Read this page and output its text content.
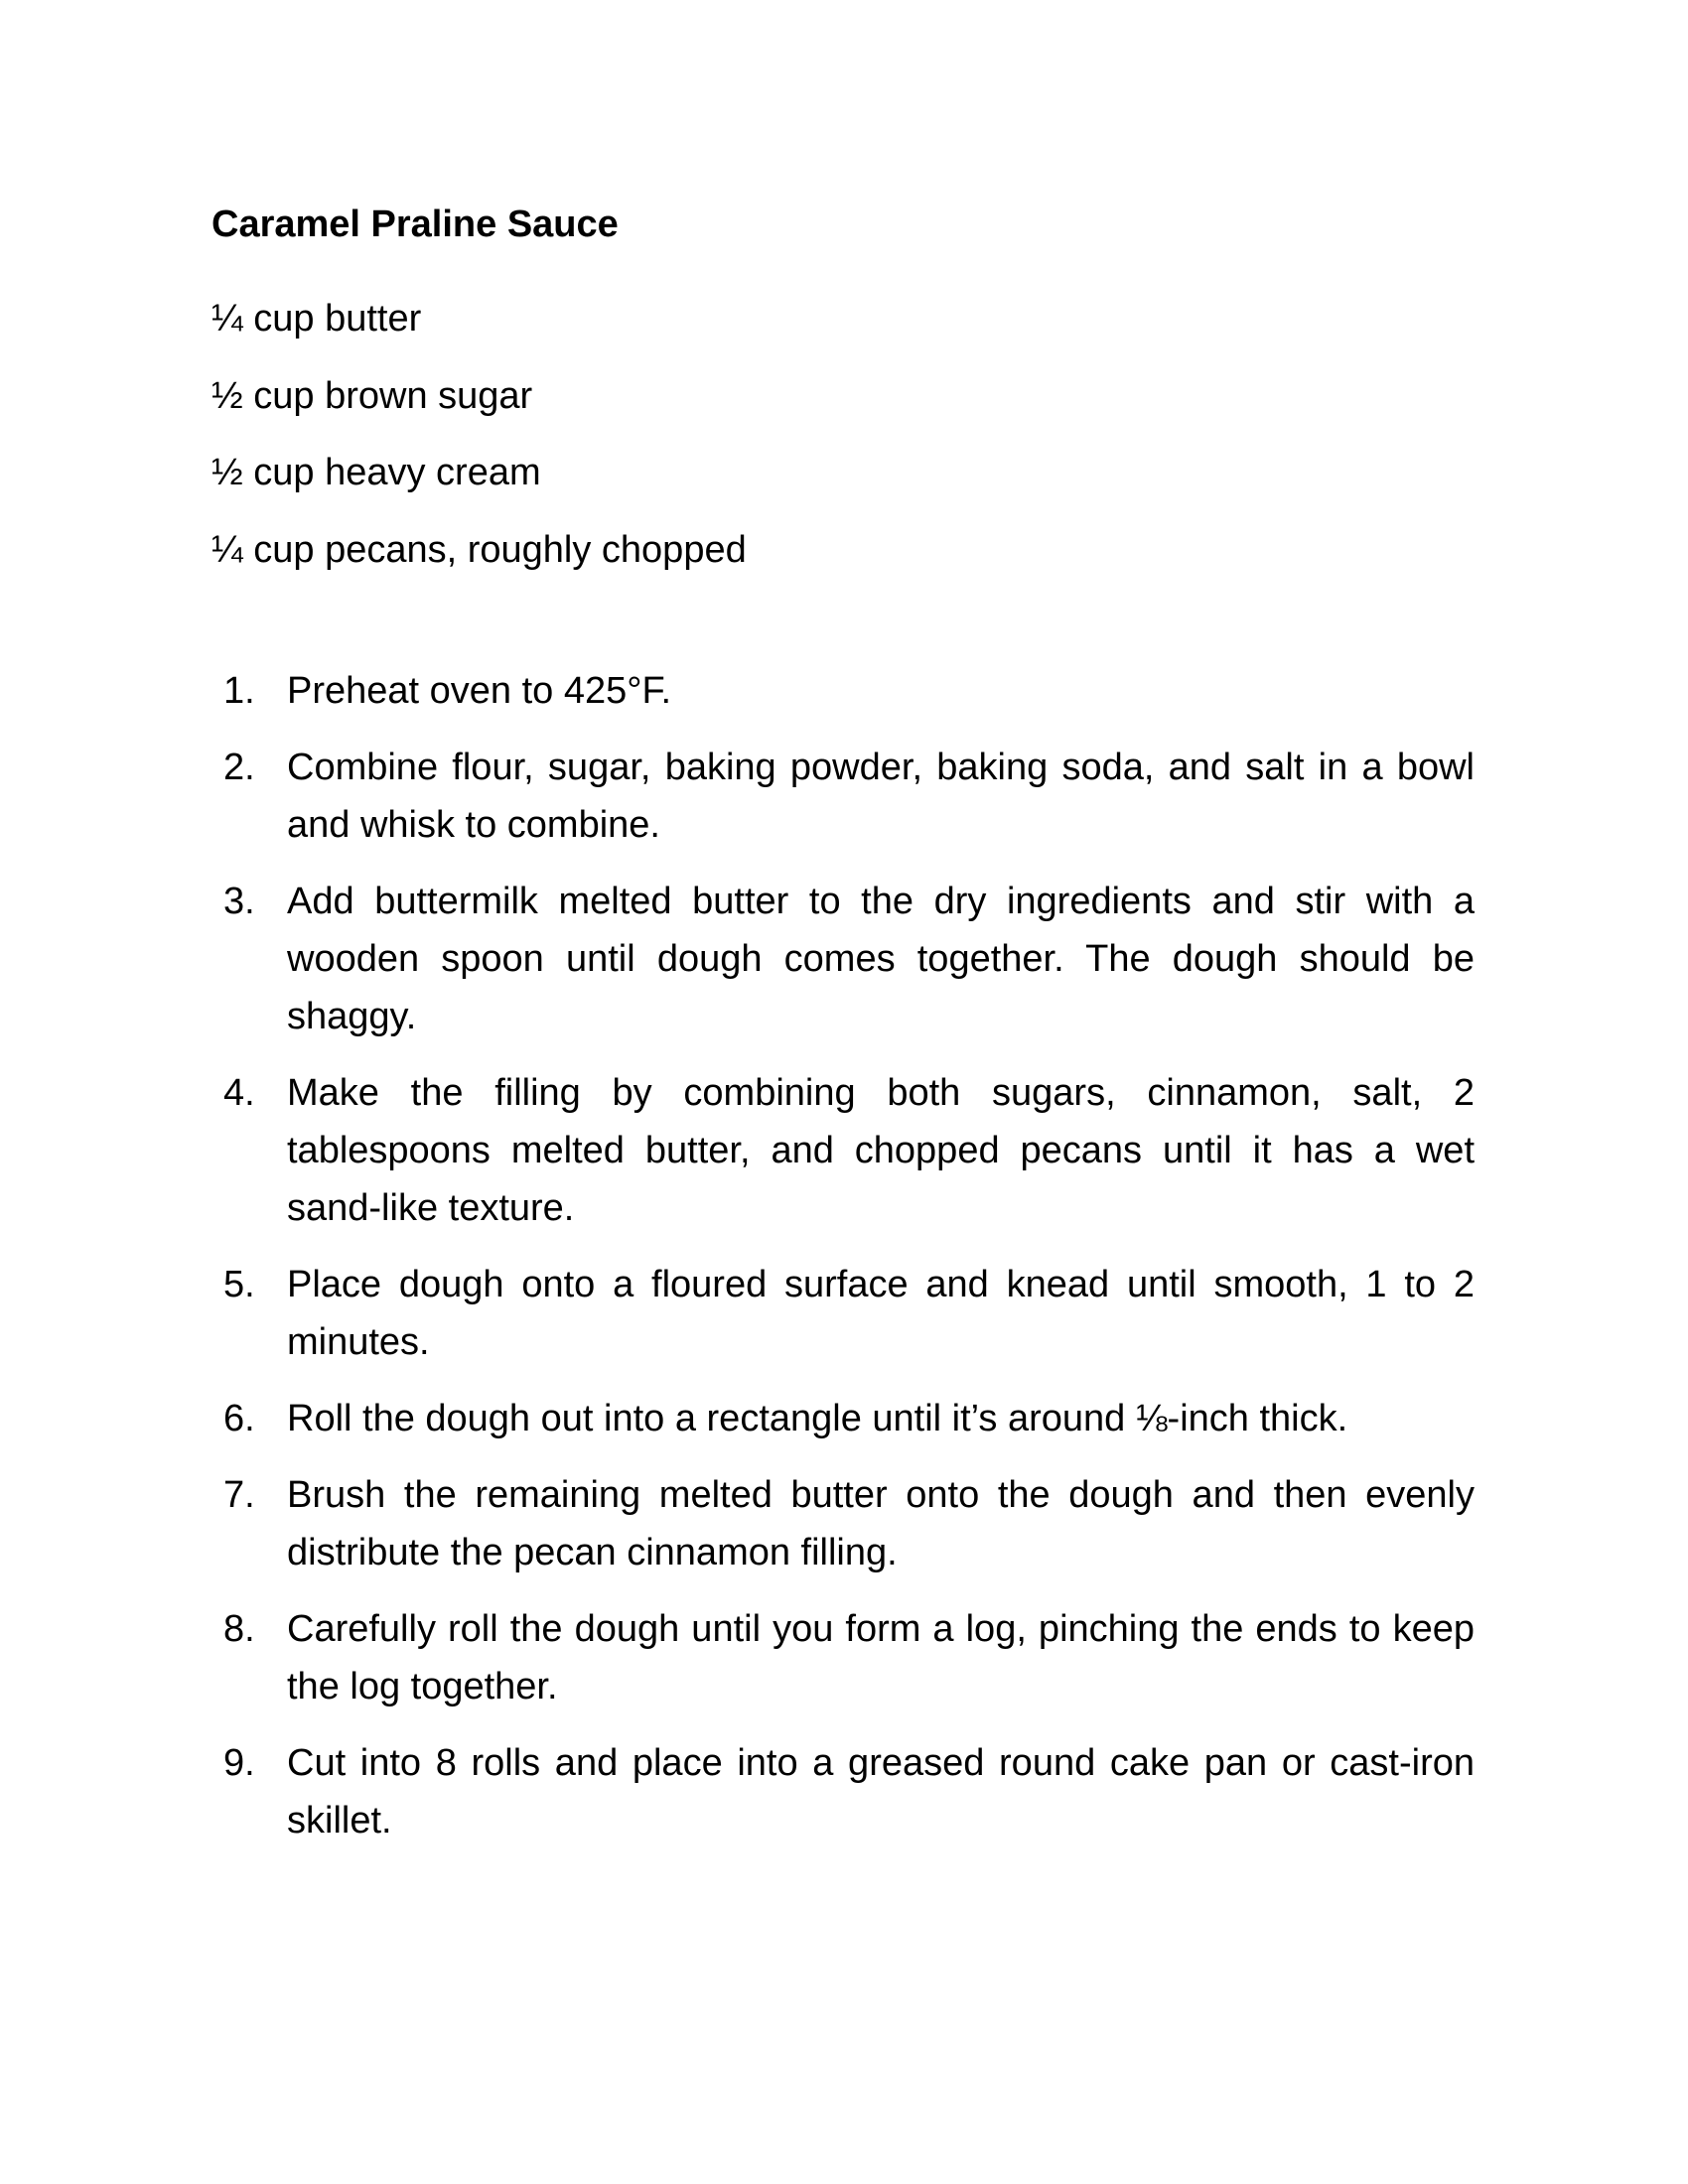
Caramel Praline Sauce
¼ cup butter
½ cup brown sugar
½ cup heavy cream
¼ cup pecans, roughly chopped
1. Preheat oven to 425°F.
2. Combine flour, sugar, baking powder, baking soda, and salt in a bowl and whisk to combine.
3. Add buttermilk melted butter to the dry ingredients and stir with a wooden spoon until dough comes together. The dough should be shaggy.
4. Make the filling by combining both sugars, cinnamon, salt, 2 tablespoons melted butter, and chopped pecans until it has a wet sand-like texture.
5. Place dough onto a floured surface and knead until smooth, 1 to 2 minutes.
6. Roll the dough out into a rectangle until it’s around ⅛-inch thick.
7. Brush the remaining melted butter onto the dough and then evenly distribute the pecan cinnamon filling.
8. Carefully roll the dough until you form a log, pinching the ends to keep the log together.
9. Cut into 8 rolls and place into a greased round cake pan or cast-iron skillet.
